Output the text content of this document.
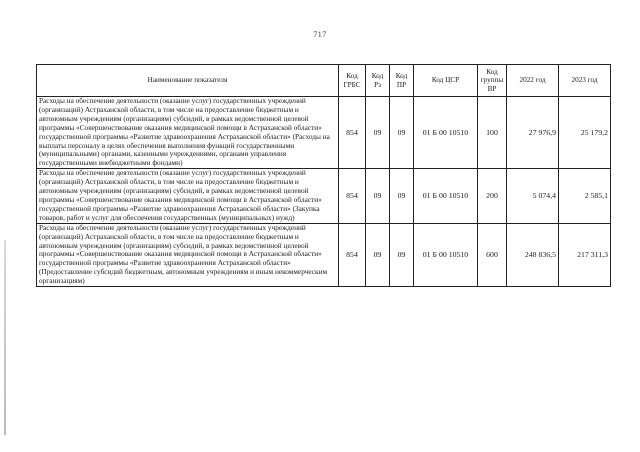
717
Наименование показателя	Код ГРБС	Код Рз	Код ПР	Код ЦСР	Код группы ВР	2022 год	2023 год
Расходы на обеспечение деятельности (оказание услуг) государственных учреждений (организаций) Астраханской области, в том числе на предоставление бюджетным и автономным учреждениям (организациям) субсидий, в рамках ведомственной целевой программы «Совершенствование оказания медицинской помощи в Астраханской области» государственной программы «Развитие здравоохранения Астраханской области» (Расходы на выплаты персоналу в целях обеспечения выполнения функций государственными (муниципальными) органами, казенными учреждениями, органами управления государственными внебюджетными фондами)	854	09	09	01 Б 00 10510	100	27 976,9	25 179,2
Расходы на обеспечение деятельности (оказание услуг) государственных учреждений (организаций) Астраханской области, в том числе на предоставление бюджетным и автономным учреждениям (организациям) субсидий, в рамках ведомственной целевой программы «Совершенствование оказания медицинской помощи в Астраханской области» государственной программы «Развитие здравоохранения Астраханской области» (Закупка товаров, работ и услуг для обеспечения государственных (муниципальных) нужд)	854	09	09	01 Б 00 10510	200	5 074,4	2 585,1
Расходы на обеспечение деятельности (оказание услуг) государственных учреждений (организаций) Астраханской области, в том числе на предоставление бюджетным и автономным учреждениям (организациям) субсидий, в рамках ведомственной целевой программы «Совершенствование оказания медицинской помощи в Астраханской области» государственной программы «Развитие здравоохранения Астраханской области» (Предоставление субсидий бюджетным, автономным учреждениям и иным некоммерческим организациям)	854	09	09	01 Б 00 10510	600	248 836,5	217 311,3
